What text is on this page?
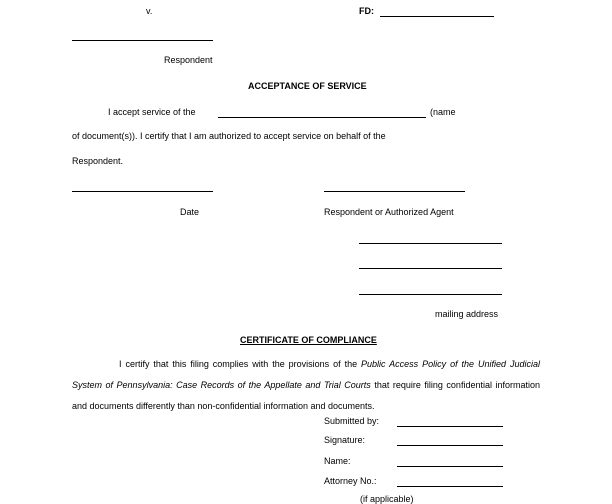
v.	FD:
Respondent
ACCEPTANCE OF SERVICE
I accept service of the	(name
of document(s)). I certify that I am authorized to accept service on behalf of the
Respondent.
Date	Respondent or Authorized Agent
mailing address
CERTIFICATE OF COMPLIANCE
I certify that this filing complies with the provisions of the Public Access Policy of the Unified Judicial System of Pennsylvania: Case Records of the Appellate and Trial Courts that require filing confidential information and documents differently than non-confidential information and documents.
Submitted by:
Signature:
Name:
Attorney No.:
(if applicable)
